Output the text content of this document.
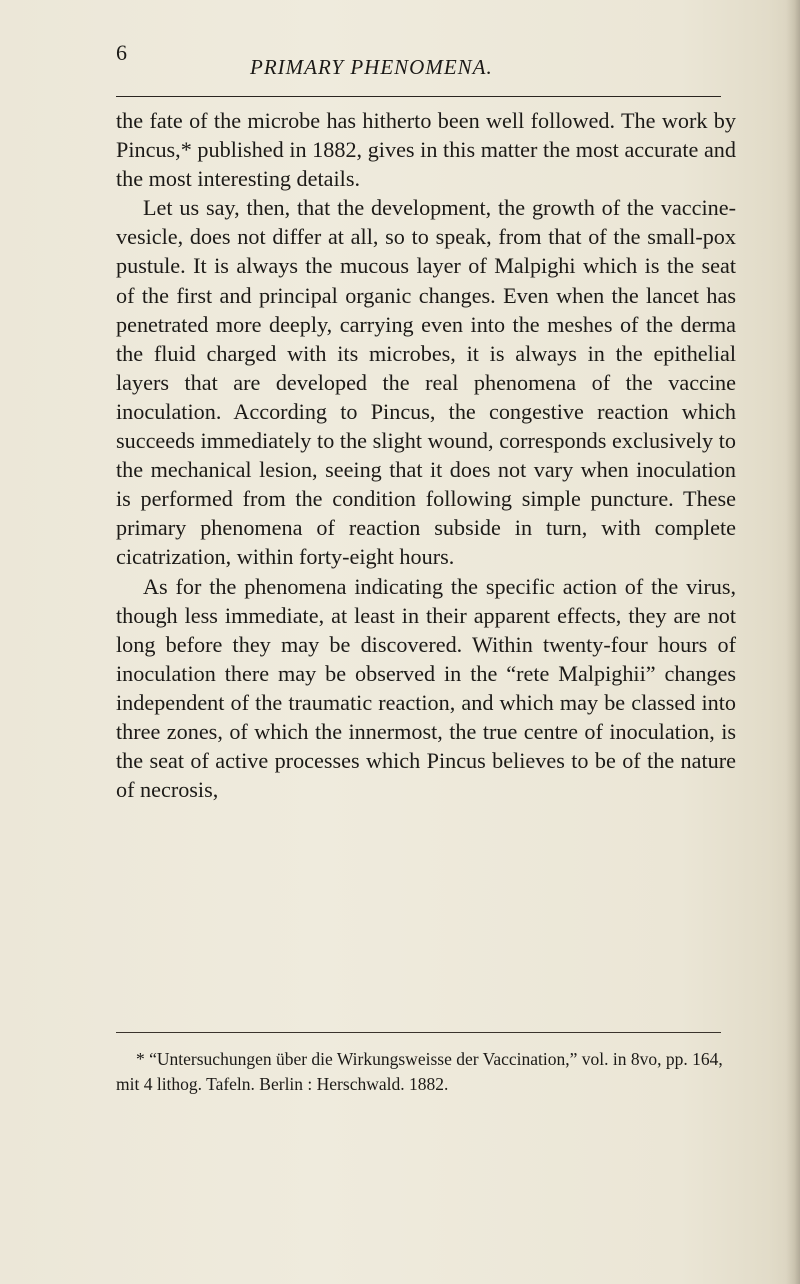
6
PRIMARY PHENOMENA.

the fate of the microbe has hitherto been well followed. The work by Pincus,* published in 1882, gives in this matter the most accurate and the most interesting details.

Let us say, then, that the development, the growth of the vaccine-vesicle, does not differ at all, so to speak, from that of the small-pox pustule. It is always the mucous layer of Malpighi which is the seat of the first and principal organic changes. Even when the lancet has penetrated more deeply, carrying even into the meshes of the derma the fluid charged with its microbes, it is always in the epithelial layers that are developed the real phenomena of the vaccine inoculation. According to Pincus, the congestive reaction which succeeds immediately to the slight wound, corresponds exclusively to the mechanical lesion, seeing that it does not vary when inoculation is performed from the condition following simple puncture. These primary phenomena of reaction subside in turn, with complete cicatrization, within forty-eight hours.

As for the phenomena indicating the specific action of the virus, though less immediate, at least in their apparent effects, they are not long before they may be discovered. Within twenty-four hours of inoculation there may be observed in the “rete Malpighii” changes independent of the traumatic reaction, and which may be classed into three zones, of which the innermost, the true centre of inoculation, is the seat of active processes which Pincus believes to be of the nature of necrosis,

* “Untersuchungen über die Wirkungsweisse der Vaccination,” vol. in 8vo, pp. 164, mit 4 lithog. Tafeln. Berlin : Herschwald. 1882.
